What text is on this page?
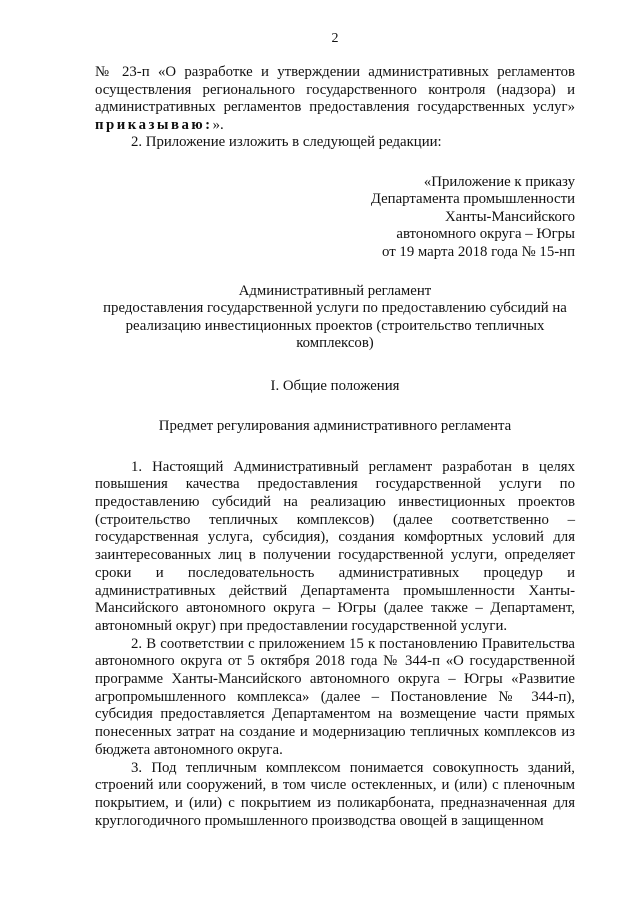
2

№ 23-п «О разработке и утверждении административных регламентов осуществления регионального государственного контроля (надзора) и административных регламентов предоставления государственных услуг» приказываю:».

2. Приложение изложить в следующей редакции:

«Приложение к приказу
Департамента промышленности
Ханты-Мансийского
автономного округа – Югры
от 19 марта 2018 года № 15-нп
Административный регламент
предоставления государственной услуги по предоставлению субсидий на
реализацию инвестиционных проектов (строительство тепличных
комплексов)
I. Общие положения
Предмет регулирования административного регламента

1. Настоящий Административный регламент разработан в целях повышения качества предоставления государственной услуги по предоставлению субсидий на реализацию инвестиционных проектов (строительство тепличных комплексов) (далее соответственно – государственная услуга, субсидия), создания комфортных условий для заинтересованных лиц в получении государственной услуги, определяет сроки и последовательность административных процедур и административных действий Департамента промышленности Ханты-Мансийского автономного округа – Югры (далее также – Департамент, автономный округ) при предоставлении государственной услуги.

2. В соответствии с приложением 15 к постановлению Правительства автономного округа от 5 октября 2018 года № 344-п «О государственной программе Ханты-Мансийского автономного округа – Югры «Развитие агропромышленного комплекса» (далее – Постановление № 344-п), субсидия предоставляется Департаментом на возмещение части прямых понесенных затрат на создание и модернизацию тепличных комплексов из бюджета автономного округа.

3. Под тепличным комплексом понимается совокупность зданий, строений или сооружений, в том числе остекленных, и (или) с пленочным покрытием, и (или) с покрытием из поликарбоната, предназначенная для круглогодичного промышленного производства овощей в защищенном
